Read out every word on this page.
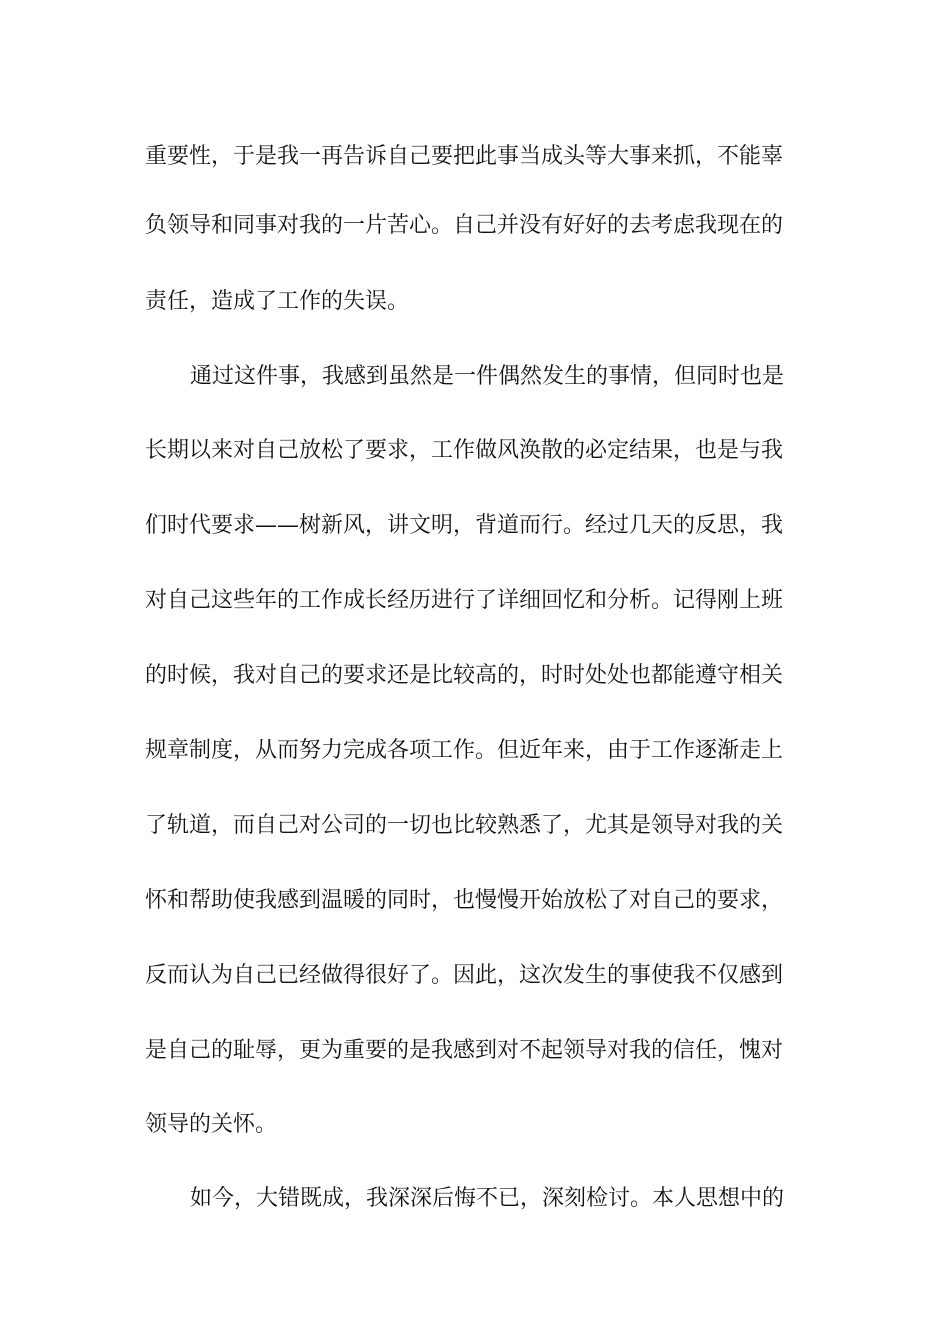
重要性，于是我一再告诉自己要把此事当成头等大事来抓，不能辜
负领导和同事对我的一片苦心。自己并没有好好的去考虑我现在的
责任，造成了工作的失误。
通过这件事，我感到虽然是一件偶然发生的事情，但同时也是
长期以来对自己放松了要求，工作做风涣散的必定结果，也是与我
们时代要求——树新风，讲文明，背道而行。经过几天的反思，我
对自己这些年的工作成长经历进行了详细回忆和分析。记得刚上班
的时候，我对自己的要求还是比较高的，时时处处也都能遵守相关
规章制度，从而努力完成各项工作。但近年来，由于工作逐渐走上
了轨道，而自己对公司的一切也比较熟悉了，尤其是领导对我的关
怀和帮助使我感到温暖的同时，也慢慢开始放松了对自己的要求，
反而认为自己已经做得很好了。因此，这次发生的事使我不仅感到
是自己的耻辱，更为重要的是我感到对不起领导对我的信任，愧对
领导的关怀。
如今，大错既成，我深深后悔不已，深刻检讨。本人思想中的
